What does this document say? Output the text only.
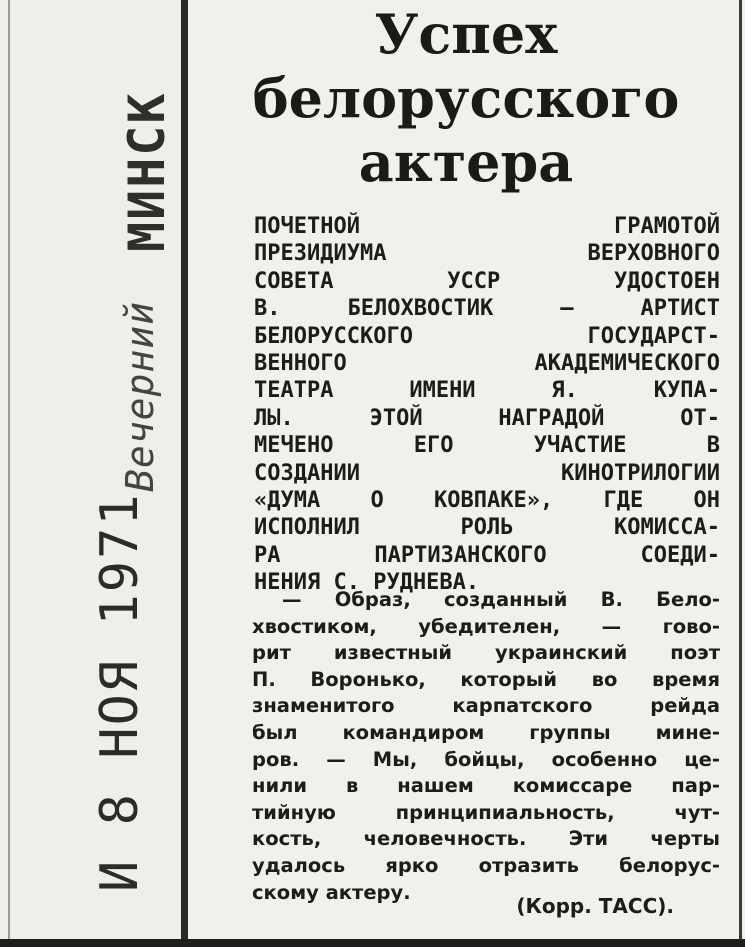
МИНСК
Вечерний
И 8 НОЯ 1971
Успех
белорусского
актера
ПОЧЕТНОЙ ГРАМОТОЙ
ПРЕЗИДИУМА ВЕРХОВНОГО
СОВЕТА УССР УДОСТОЕН
В. БЕЛОХВОСТИК — АРТИСТ
БЕЛОРУССКОГО ГОСУДАРСТ-
ВЕННОГО АКАДЕМИЧЕСКОГО
ТЕАТРА ИМЕНИ Я. КУПА-
ЛЫ. ЭТОЙ НАГРАДОЙ ОТ-
МЕЧЕНО ЕГО УЧАСТИЕ В
СОЗДАНИИ КИНОТРИЛОГИИ
«ДУМА О КОВПАКЕ», ГДЕ ОН
ИСПОЛНИЛ РОЛЬ КОМИССА-
РА ПАРТИЗАНСКОГО СОЕДИ-
НЕНИЯ С. РУДНЕВА.
— Образ, созданный В. Бело-
хвостиком, убедителен, — гово-
рит известный украинский поэт
П. Воронько, который во время
знаменитого карпатского рейда
был командиром группы мине-
ров. — Мы, бойцы, особенно це-
нили в нашем комиссаре пар-
тийную принципиальность, чут-
кость, человечность. Эти черты
удалось ярко отразить белорус-
скому актеру.
(Корр. ТАСС).
